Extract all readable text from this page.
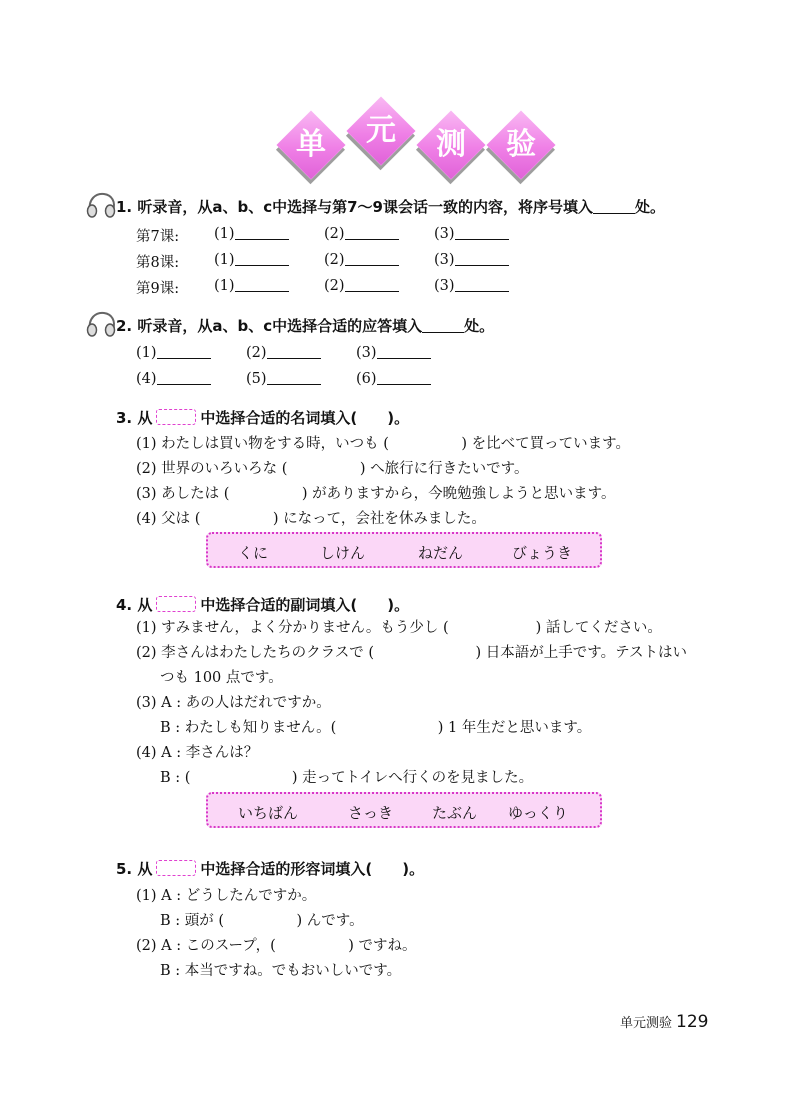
单	元	测	验
1. 听录音，从a、b、c中选择与第7～9课会话一致的内容，将序号填入	处。
第7课: (1)	(2)	(3)
第8课: (1)	(2)	(3)
第9课: (1)	(2)	(3)
2. 听录音，从a、b、c中选择合适的应答填入	处。
(1)	(2)	(3)
(4)	(5)	(6)
3. 从	中选择合适的名词填入(　　)。
(1) わたしは買い物をする時，いつも (　　　　　) を比べて買っています。
(2) 世界のいろいろな (　　　　　) へ旅行に行きたいです。
(3) あしたは (　　　　　) がありますから，今晩勉強しようと思います。
(4) 父は (　　　　　) になって，会社を休みました。
くに	しけん	ねだん	びょうき
4. 从	中选择合适的副词填入(　　)。
(1) すみません，よく分かりません。もう少し (　　　　　　) 話してください。
(2) 李さんはわたしたちのクラスで (　　　　　　　) 日本語が上手です。テストはい
つも 100 点です。
(3) A : あの人はだれですか。
B : わたしも知りません。(　　　　　　　) 1 年生だと思います。
(4) A : 李さんは？
B : (　　　　　　　) 走ってトイレへ行くのを見ました。
いちばん	さっき	たぶん ゆっくり
5. 从	中选择合适的形容词填入(　　)。
(1) A : どうしたんですか。
B : 頭が (　　　　　) んです。
(2) A : このスープ，(　　　　　) ですね。
B : 本当ですね。でもおいしいです。
单元测验 129
